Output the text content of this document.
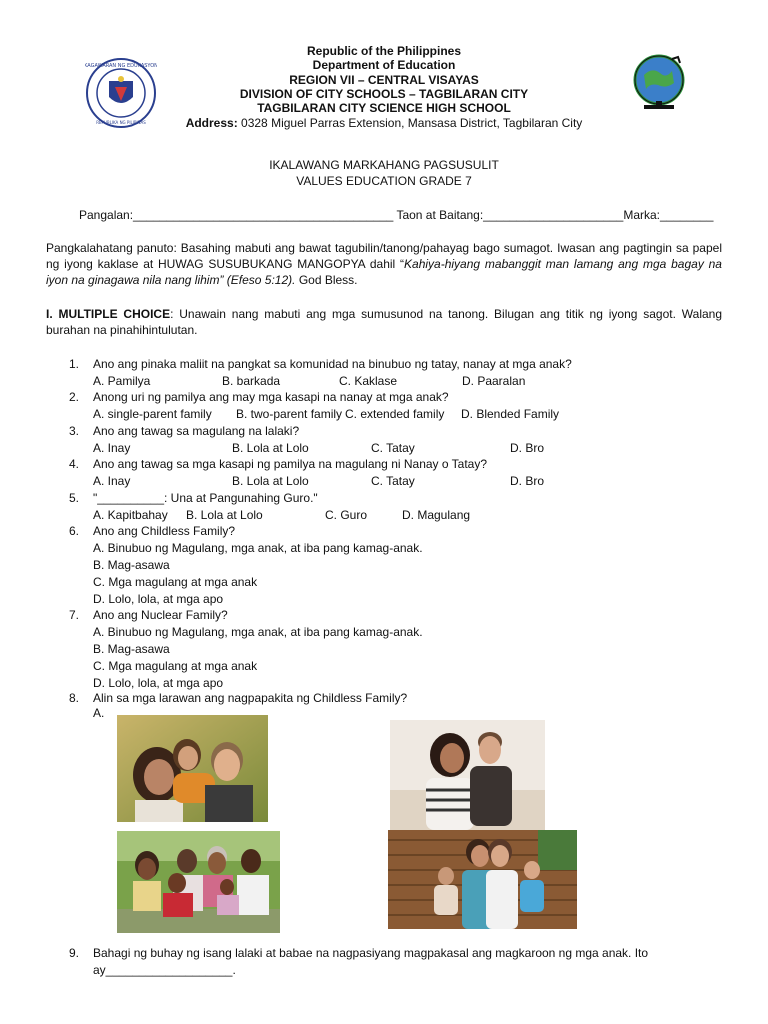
KAGAWARAN NG EDUKASYON
REPUBLIKA NG PILIPINAS
Republic of the Philippines
Department of Education
REGION VII – CENTRAL VISAYAS
DIVISION OF CITY SCHOOLS – TAGBILARAN CITY
TAGBILARAN CITY SCIENCE HIGH SCHOOL
Address: 0328 Miguel Parras Extension, Mansasa District, Tagbilaran City
IKALAWANG MARKAHANG PAGSUSULIT
VALUES EDUCATION GRADE 7
Pangalan:_______________________________________ Taon at Baitang:_____________________Marka:________
Pangkalahatang panuto: Basahing mabuti ang bawat tagubilin/tanong/pahayag bago sumagot. Iwasan ang pagtingin sa papel ng iyong kaklase at HUWAG SUSUBUKANG MANGOPYA dahil “Kahiya-hiyang mabanggit man lamang ang mga bagay na iyon na ginagawa nila nang lihim” (Efeso 5:12). God Bless.
I. MULTIPLE CHOICE: Unawain nang mabuti ang mga sumusunod na tanong. Bilugan ang titik ng iyong sagot. Walang burahan na pinahihintulutan.
1. Ano ang pinaka maliit na pangkat sa komunidad na binubuo ng tatay, nanay at mga anak?
A. Pamilya	B. barkada	C. Kaklase	D. Paaralan
2. Anong uri ng pamilya ang may mga kasapi na nanay at mga anak?
A. single-parent family B. two-parent family C. extended family D. Blended Family
3. Ano ang tawag sa magulang na lalaki?
A. Inay	B. Lola at Lolo	C. Tatay	D. Bro
4. Ano ang tawag sa mga kasapi ng pamilya na magulang ni Nanay o Tatay?
A. Inay	B. Lola at Lolo	C. Tatay	D. Bro
5. "__________: Una at Pangunahing Guro."
A. Kapitbahay B. Lola at Lolo	C. Guro	D. Magulang
6. Ano ang Childless Family?
A. Binubuo ng Magulang, mga anak, at iba pang kamag-anak.
B. Mag-asawa
C. Mga magulang at mga anak
D. Lolo, lola, at mga apo
7. Ano ang Nuclear Family?
A. Binubuo ng Magulang, mga anak, at iba pang kamag-anak.
B. Mag-asawa
C. Mga magulang at mga anak
D. Lolo, lola, at mga apo
8. Alin sa mga larawan ang nagpapakita ng Childless Family?
A.
9. Bahagi ng buhay ng isang lalaki at babae na nagpasiyang magpakasal ang magkaroon ng mga anak. Ito
ay___________________.
